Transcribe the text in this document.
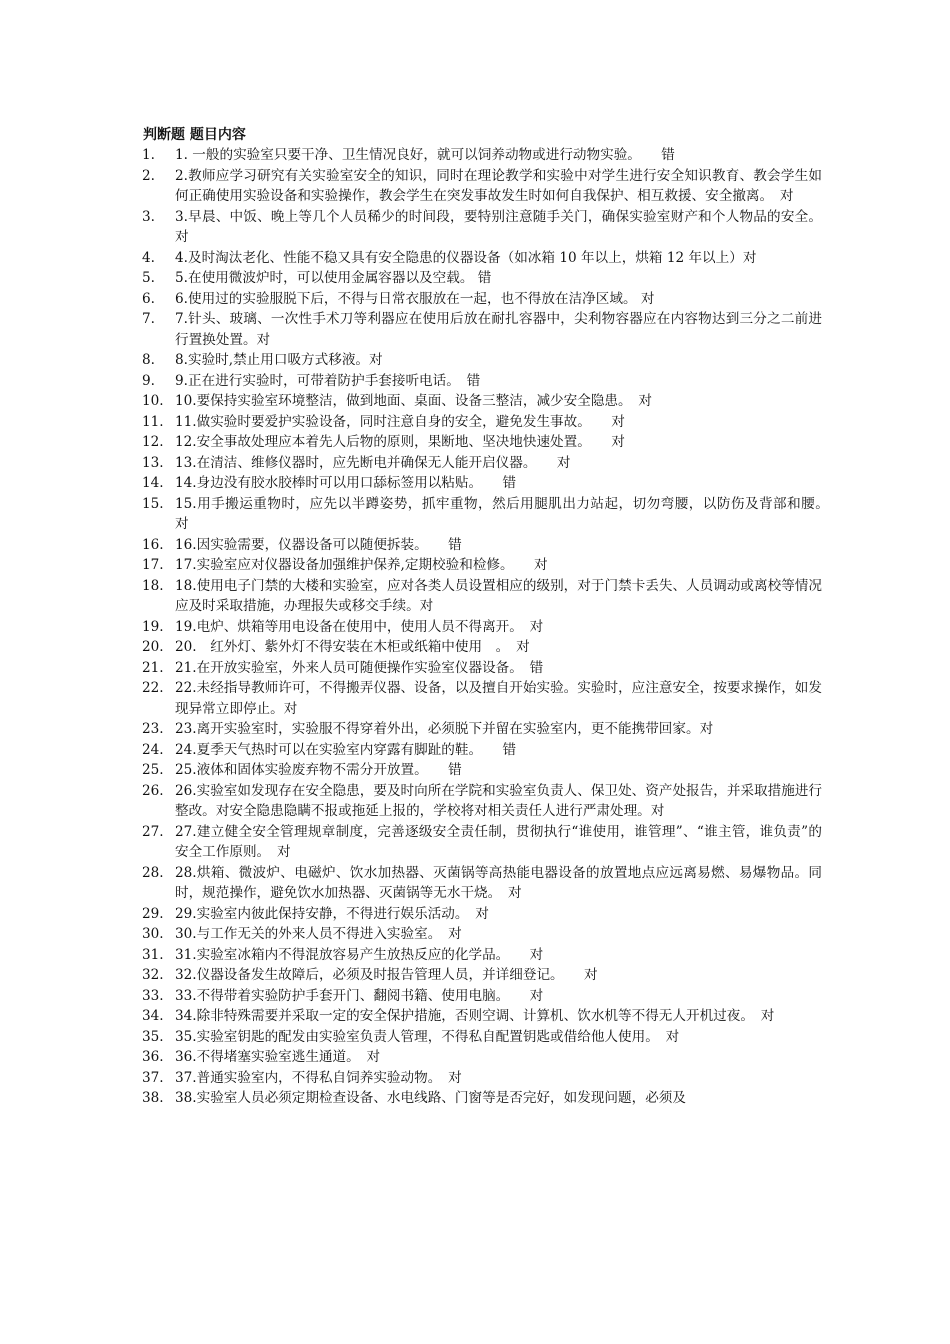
判断题 题目内容
1.	1. 一般的实验室只要干净、卫生情况良好，就可以饲养动物或进行动物实验。　　错
2.	2.教师应学习研究有关实验室安全的知识，同时在理论教学和实验中对学生进行安全知识教育、教会学生如何正确使用实验设备和实验操作，教会学生在突发事故发生时如何自我保护、相互救援、安全撤离。　对
3.	3.早晨、中饭、晚上等几个人员稀少的时间段，要特别注意随手关门，确保实验室财产和个人物品的安全。对
4.	4.及时淘汰老化、性能不稳又具有安全隐患的仪器设备（如冰箱 10 年以上，烘箱 12 年以上）对
5.	5.在使用微波炉时，可以使用金属容器以及空载。 错
6.	6.使用过的实验服脱下后，不得与日常衣服放在一起，也不得放在洁净区域。 对
7.	7.针头、玻璃、一次性手术刀等利器应在使用后放在耐扎容器中，尖利物容器应在内容物达到三分之二前进行置换处置。对
8.	8.实验时,禁止用口吸方式移液。对
9.	9.正在进行实验时，可带着防护手套接听电话。　错
10. 10.要保持实验室环境整洁，做到地面、桌面、设备三整洁，减少安全隐患。　对
11. 11.做实验时要爱护实验设备，同时注意自身的安全，避免发生事故。　　对
12. 12.安全事故处理应本着先人后物的原则，果断地、坚决地快速处置。　　对
13. 13.在清洁、维修仪器时，应先断电并确保无人能开启仪器。　　对
14. 14.身边没有胶水胶棒时可以用口舔标签用以粘贴。　　错
15. 15.用手搬运重物时，应先以半蹲姿势，抓牢重物，然后用腿肌出力站起，切勿弯腰，以防伤及背部和腰。　对
16. 16.因实验需要，仪器设备可以随便拆装。　　错
17. 17.实验室应对仪器设备加强维护保养,定期校验和检修。　　对
18. 18.使用电子门禁的大楼和实验室，应对各类人员设置相应的级别，对于门禁卡丢失、人员调动或离校等情况应及时采取措施，办理报失或移交手续。对
19. 19.电炉、烘箱等用电设备在使用中，使用人员不得离开。　对
20. 20.　红外灯、紫外灯不得安装在木柜或纸箱中使用　。　对
21. 21.在开放实验室，外来人员可随便操作实验室仪器设备。　错
22. 22.未经指导教师许可，不得搬弄仪器、设备，以及擅自开始实验。实验时，应注意安全，按要求操作，如发现异常立即停止。对
23. 23.离开实验室时，实验服不得穿着外出，必须脱下并留在实验室内，更不能携带回家。对
24. 24.夏季天气热时可以在实验室内穿露有脚趾的鞋。　　错
25. 25.液体和固体实验废弃物不需分开放置。　　错
26. 26.实验室如发现存在安全隐患，要及时向所在学院和实验室负责人、保卫处、资产处报告，并采取措施进行整改。对安全隐患隐瞒不报或拖延上报的，学校将对相关责任人进行严肃处理。对
27. 27.建立健全安全管理规章制度，完善逐级安全责任制，贯彻执行“谁使用，谁管理”、“谁主管，谁负责”的安全工作原则。　对
28. 28.烘箱、微波炉、电磁炉、饮水加热器、灭菌锅等高热能电器设备的放置地点应远离易燃、易爆物品。同时，规范操作，避免饮水加热器、灭菌锅等无水干烧。　对
29. 29.实验室内彼此保持安静，不得进行娱乐活动。　对
30. 30.与工作无关的外来人员不得进入实验室。　对
31. 31.实验室冰箱内不得混放容易产生放热反应的化学品。　　对
32. 32.仪器设备发生故障后，必须及时报告管理人员，并详细登记。　　对
33. 33.不得带着实验防护手套开门、翻阅书籍、使用电脑。　　对
34. 34.除非特殊需要并采取一定的安全保护措施，否则空调、计算机、饮水机等不得无人开机过夜。　对
35. 35.实验室钥匙的配发由实验室负责人管理，不得私自配置钥匙或借给他人使用。　对
36. 36.不得堵塞实验室逃生通道。　对
37. 37.普通实验室内，不得私自饲养实验动物。　对
38. 38.实验室人员必须定期检查设备、水电线路、门窗等是否完好，如发现问题，必须及
